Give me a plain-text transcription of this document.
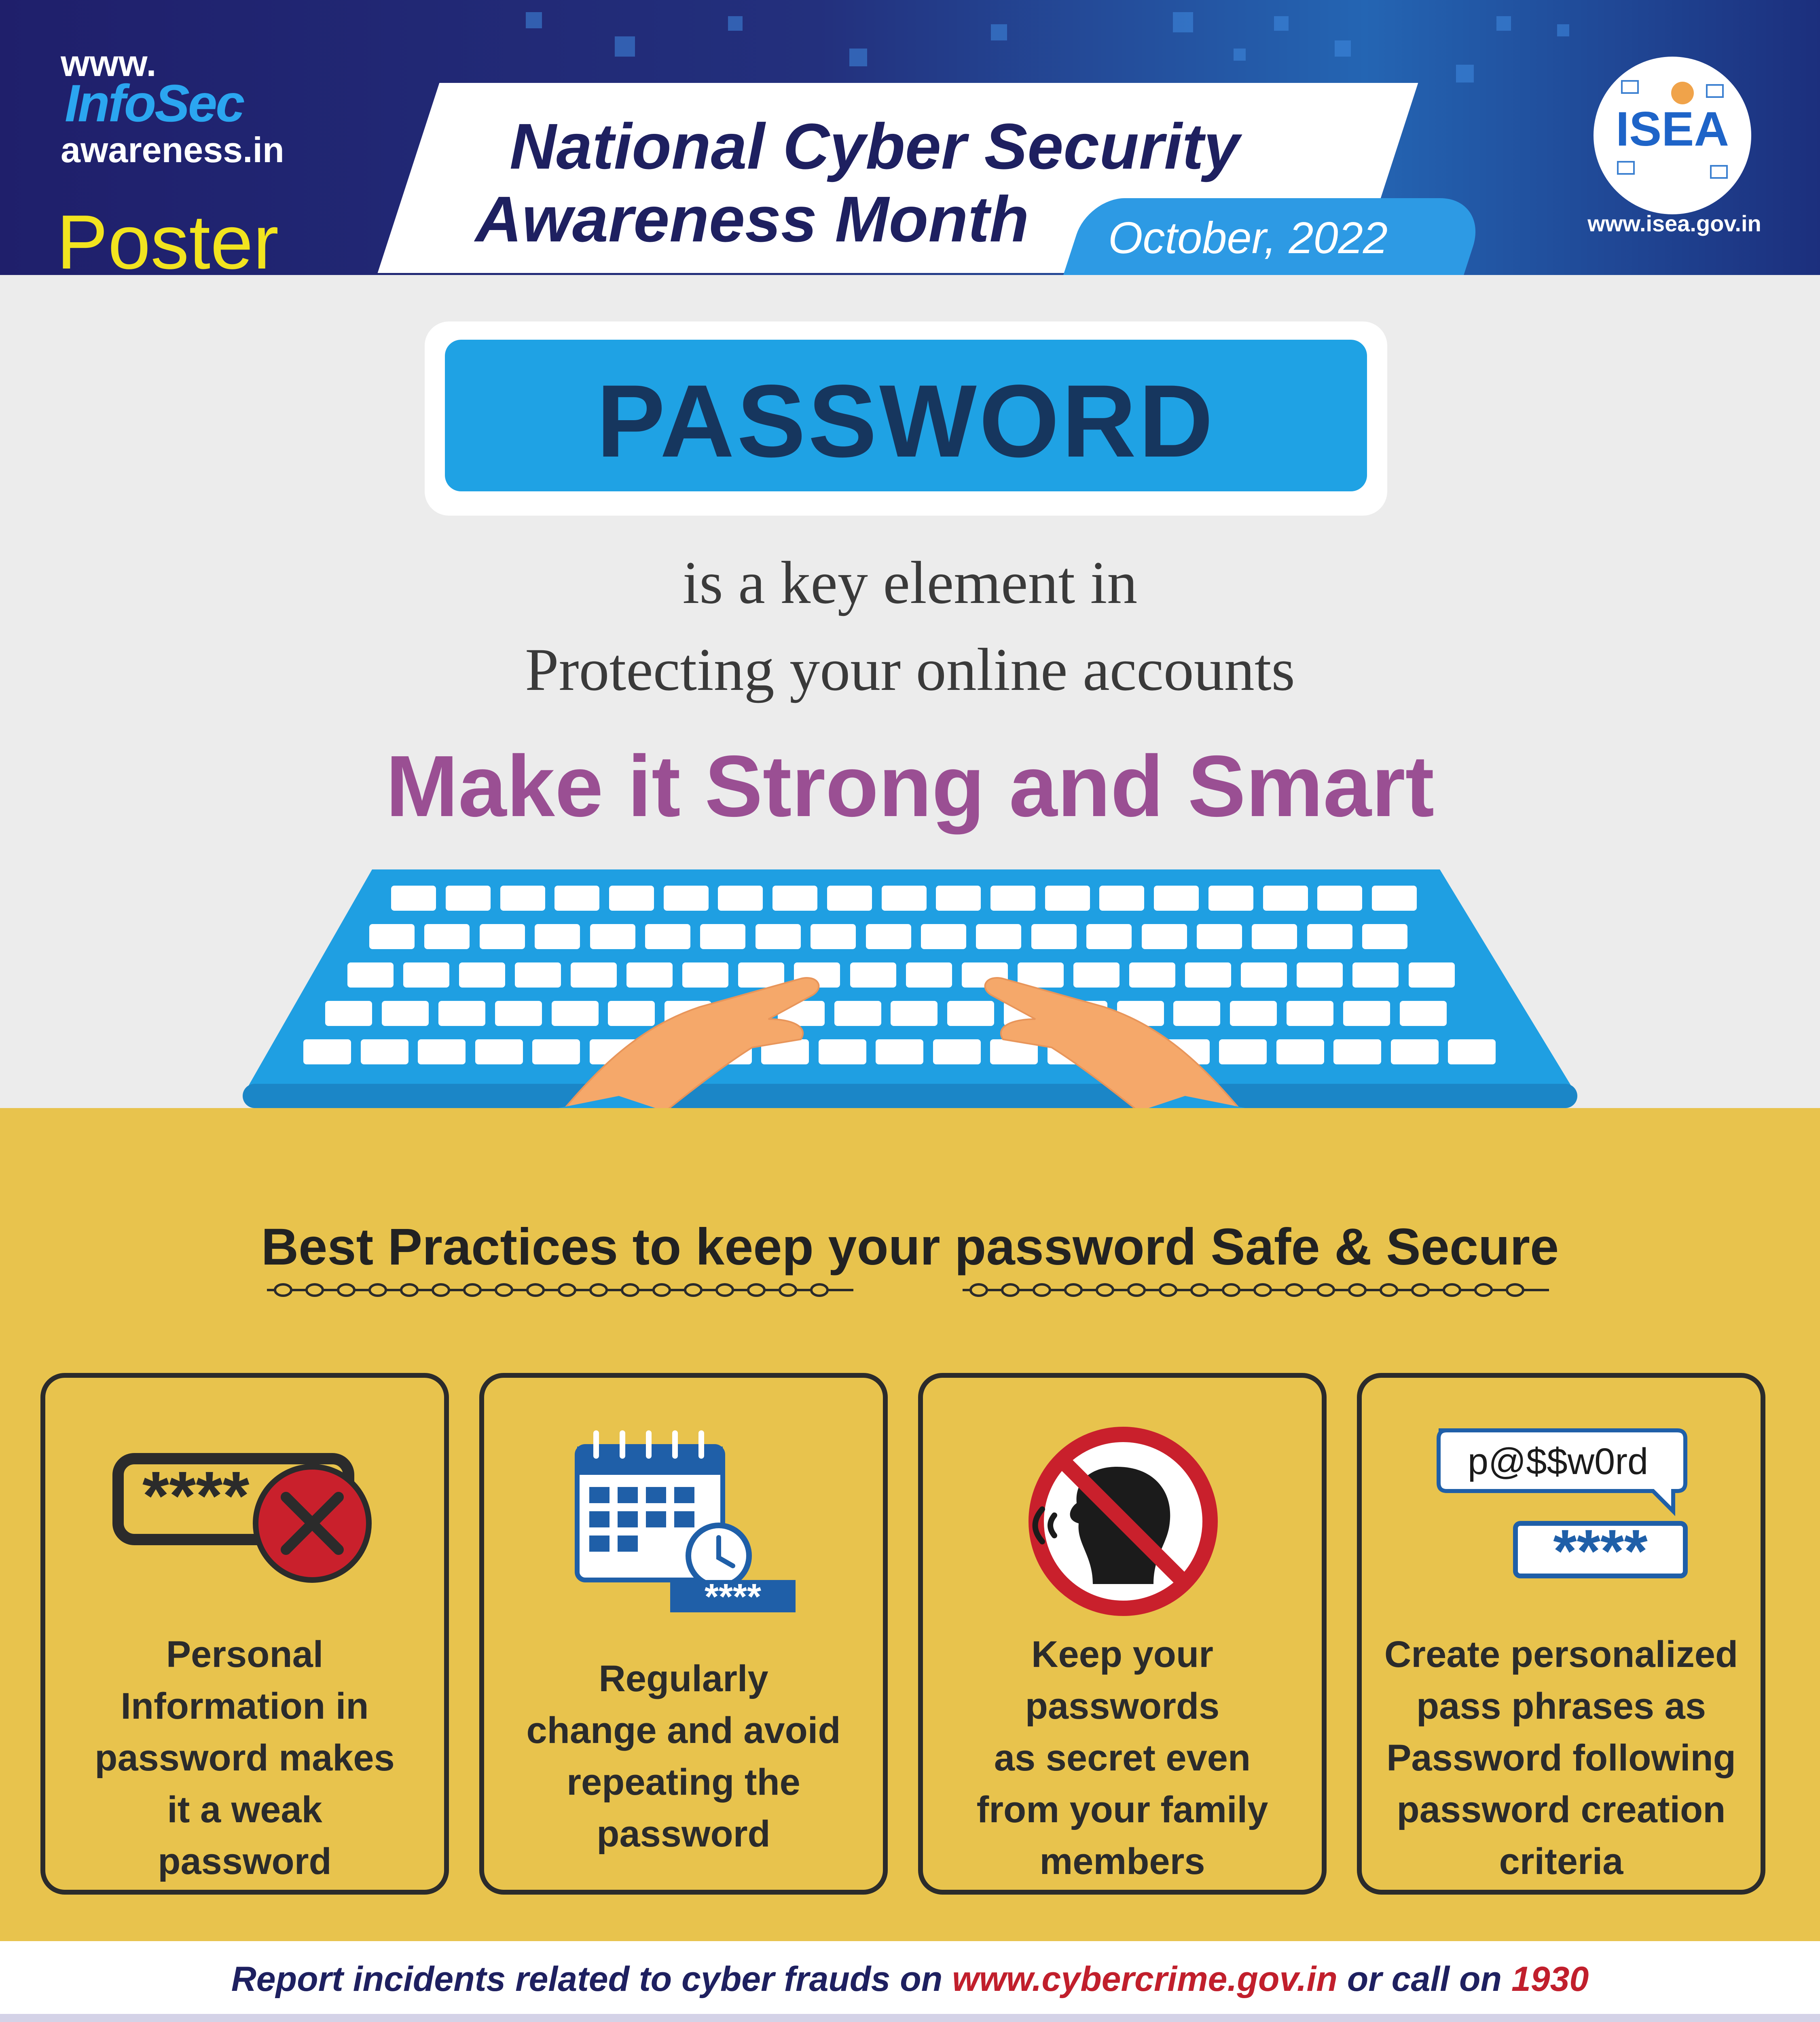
www.
InfoSec
awareness.in
Poster
National Cyber Security
Awareness Month October, 2022
ISEA
www.isea.gov.in
PASSWORD
is a key element in
Protecting your online accounts
Make it Strong and Smart
Best Practices to keep your password Safe & Secure
****
Personal
Information in
password makes
it a weak
password
****
Regularly
change and avoid
repeating the
password
Keep your
passwords
as secret even
from your family
members
p@$$w0rd
****
Create personalized
pass phrases as
Password following
password creation
criteria
Report incidents related to cyber frauds on www.cybercrime.gov.in or call on 1930
